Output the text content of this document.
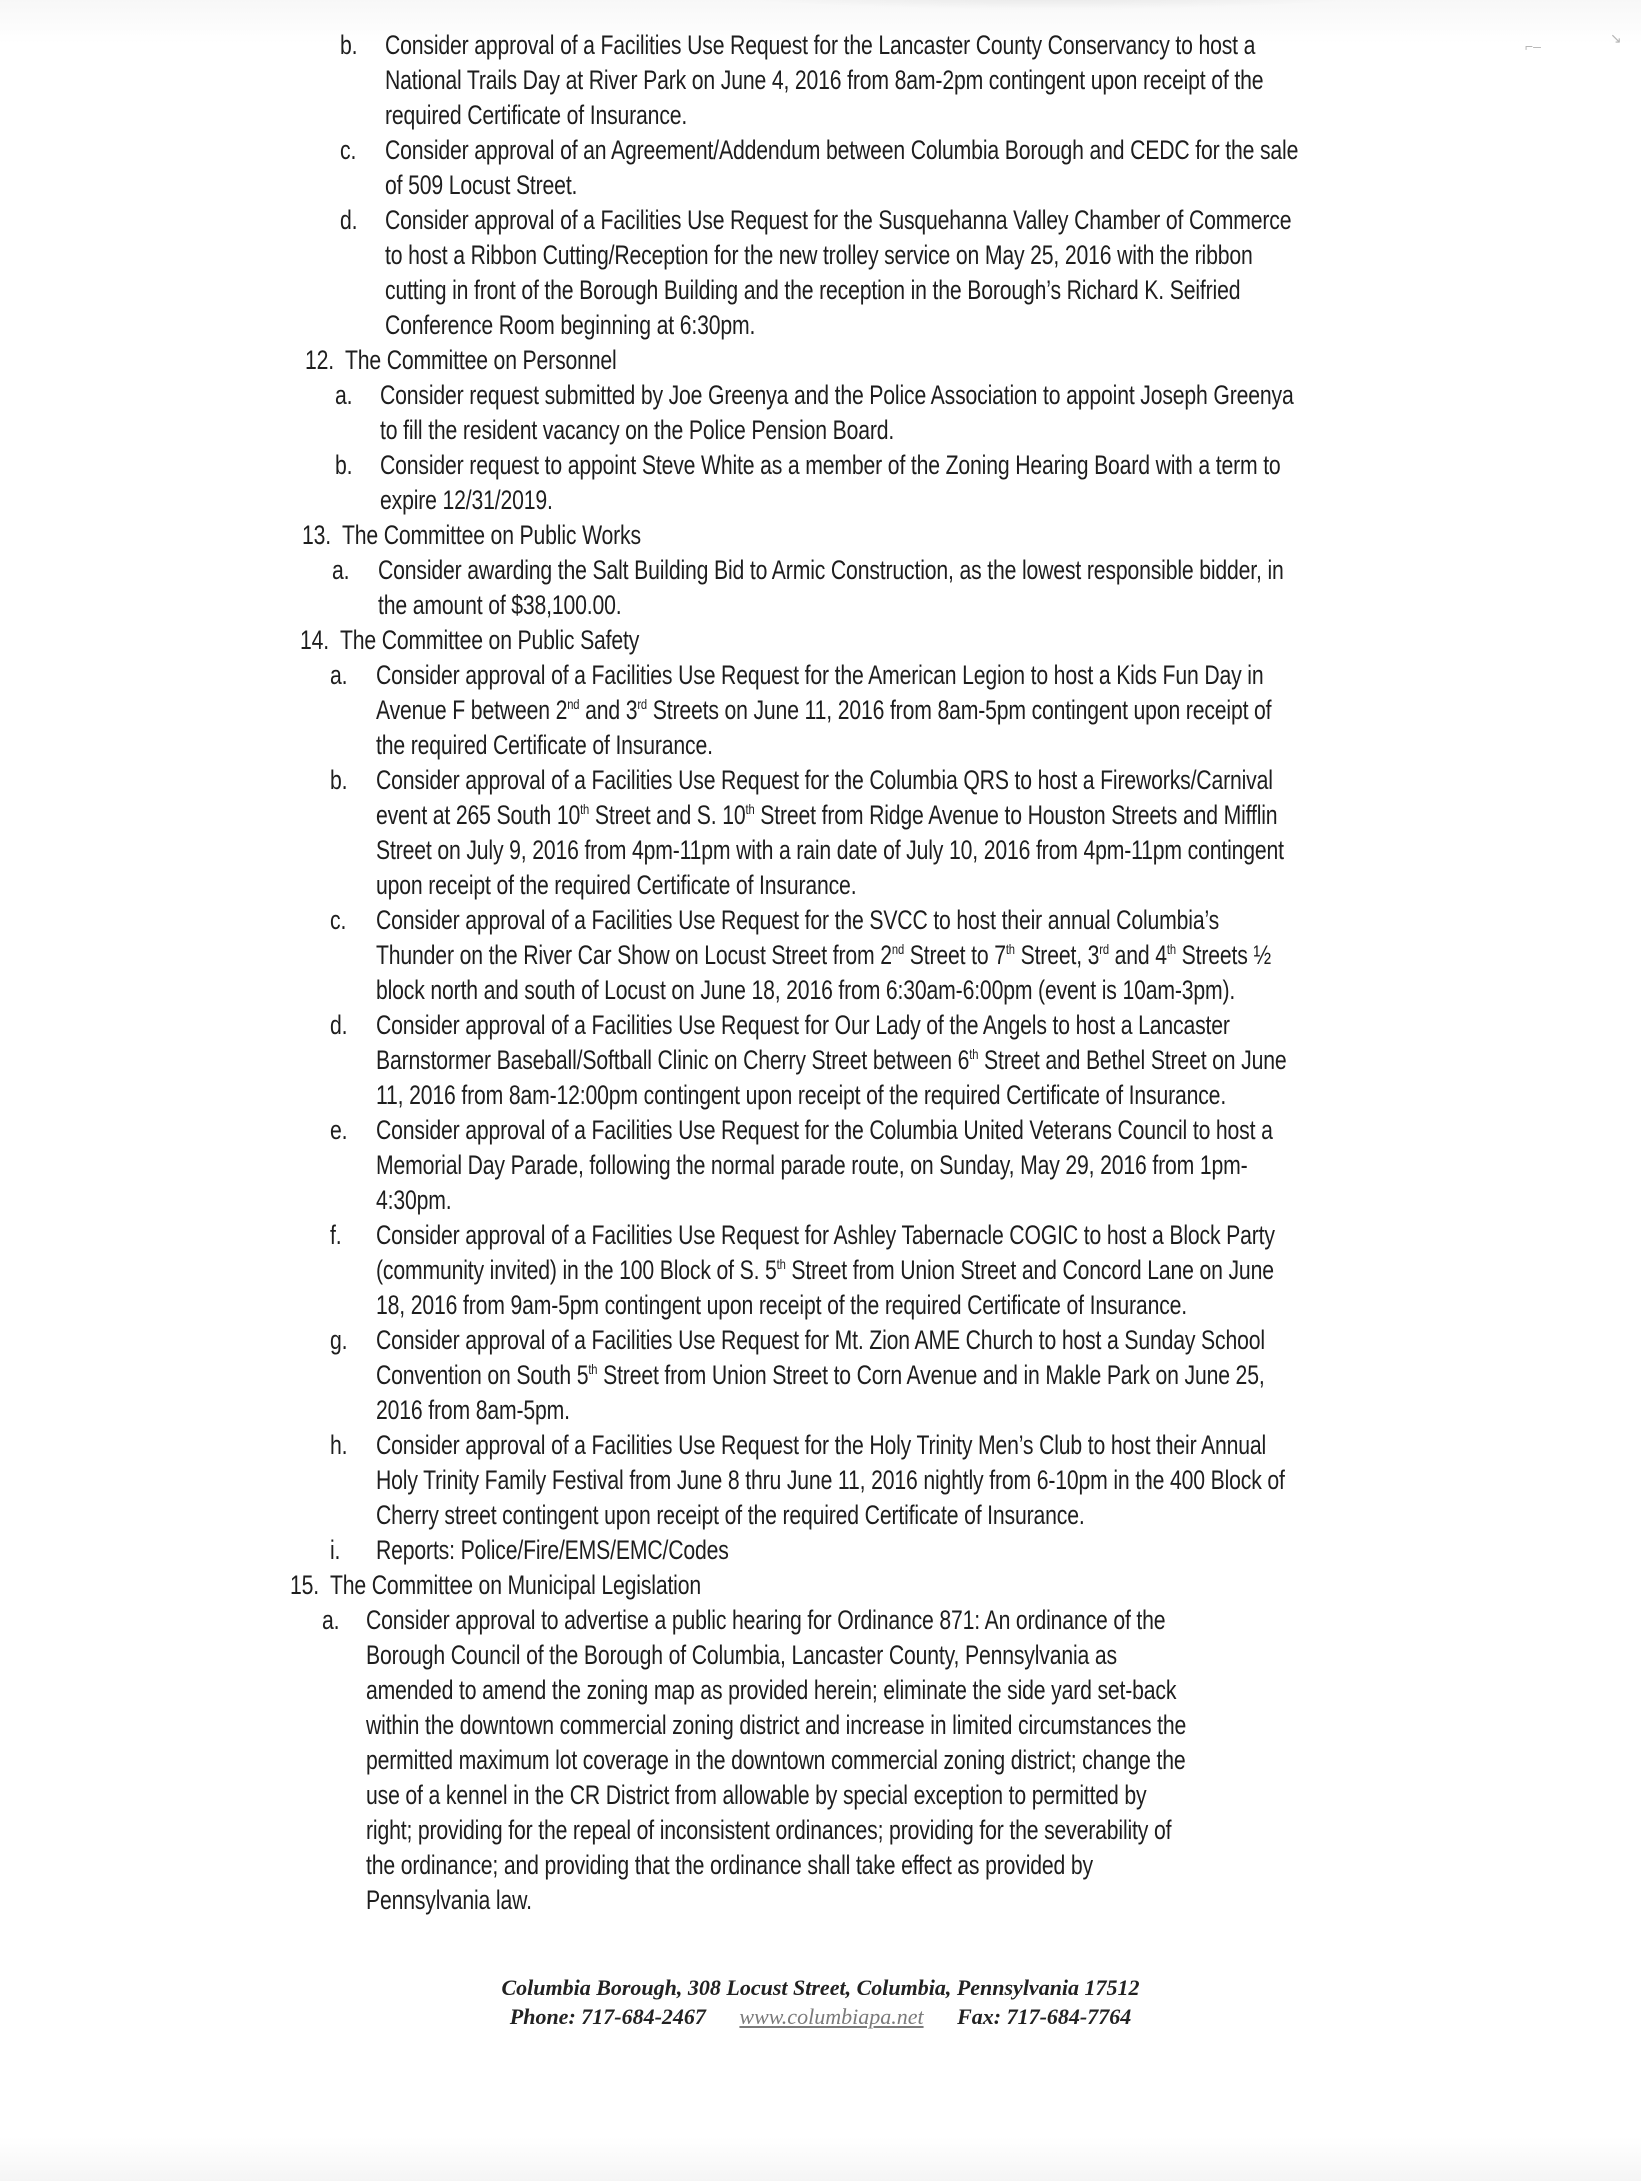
⌐–	↘
b. Consider approval of a Facilities Use Request for the Lancaster County Conservancy to host a
National Trails Day at River Park on June 4, 2016 from 8am-2pm contingent upon receipt of the
required Certificate of Insurance.
c. Consider approval of an Agreement/Addendum between Columbia Borough and CEDC for the sale
of 509 Locust Street.
d. Consider approval of a Facilities Use Request for the Susquehanna Valley Chamber of Commerce
to host a Ribbon Cutting/Reception for the new trolley service on May 25, 2016 with the ribbon
cutting in front of the Borough Building and the reception in the Borough’s Richard K. Seifried
Conference Room beginning at 6:30pm.
12. The Committee on Personnel
a. Consider request submitted by Joe Greenya and the Police Association to appoint Joseph Greenya
to fill the resident vacancy on the Police Pension Board.
b. Consider request to appoint Steve White as a member of the Zoning Hearing Board with a term to
expire 12/31/2019.
13. The Committee on Public Works
a. Consider awarding the Salt Building Bid to Armic Construction, as the lowest responsible bidder, in
the amount of $38,100.00.
14. The Committee on Public Safety
a. Consider approval of a Facilities Use Request for the American Legion to host a Kids Fun Day in
Avenue F between 2nd and 3rd Streets on June 11, 2016 from 8am-5pm contingent upon receipt of
the required Certificate of Insurance.
b. Consider approval of a Facilities Use Request for the Columbia QRS to host a Fireworks/Carnival
event at 265 South 10th Street and S. 10th Street from Ridge Avenue to Houston Streets and Mifflin
Street on July 9, 2016 from 4pm-11pm with a rain date of July 10, 2016 from 4pm-11pm contingent
upon receipt of the required Certificate of Insurance.
c. Consider approval of a Facilities Use Request for the SVCC to host their annual Columbia’s
Thunder on the River Car Show on Locust Street from 2nd Street to 7th Street, 3rd and 4th Streets ½
block north and south of Locust on June 18, 2016 from 6:30am-6:00pm (event is 10am-3pm).
d. Consider approval of a Facilities Use Request for Our Lady of the Angels to host a Lancaster
Barnstormer Baseball/Softball Clinic on Cherry Street between 6th Street and Bethel Street on June
11, 2016 from 8am-12:00pm contingent upon receipt of the required Certificate of Insurance.
e. Consider approval of a Facilities Use Request for the Columbia United Veterans Council to host a
Memorial Day Parade, following the normal parade route, on Sunday, May 29, 2016 from 1pm-
4:30pm.
f. Consider approval of a Facilities Use Request for Ashley Tabernacle COGIC to host a Block Party
(community invited) in the 100 Block of S. 5th Street from Union Street and Concord Lane on June
18, 2016 from 9am-5pm contingent upon receipt of the required Certificate of Insurance.
g. Consider approval of a Facilities Use Request for Mt. Zion AME Church to host a Sunday School
Convention on South 5th Street from Union Street to Corn Avenue and in Makle Park on June 25,
2016 from 8am-5pm.
h. Consider approval of a Facilities Use Request for the Holy Trinity Men’s Club to host their Annual
Holy Trinity Family Festival from June 8 thru June 11, 2016 nightly from 6-10pm in the 400 Block of
Cherry street contingent upon receipt of the required Certificate of Insurance.
i. Reports: Police/Fire/EMS/EMC/Codes
15. The Committee on Municipal Legislation
a. Consider approval to advertise a public hearing for Ordinance 871: An ordinance of the
Borough Council of the Borough of Columbia, Lancaster County, Pennsylvania as
amended to amend the zoning map as provided herein; eliminate the side yard set-back
within the downtown commercial zoning district and increase in limited circumstances the
permitted maximum lot coverage in the downtown commercial zoning district; change the
use of a kennel in the CR District from allowable by special exception to permitted by
right; providing for the repeal of inconsistent ordinances; providing for the severability of
the ordinance; and providing that the ordinance shall take effect as provided by
Pennsylvania law.
Columbia Borough, 308 Locust Street, Columbia, Pennsylvania 17512
Phone: 717-684-2467 www.columbiapa.net Fax: 717-684-7764
